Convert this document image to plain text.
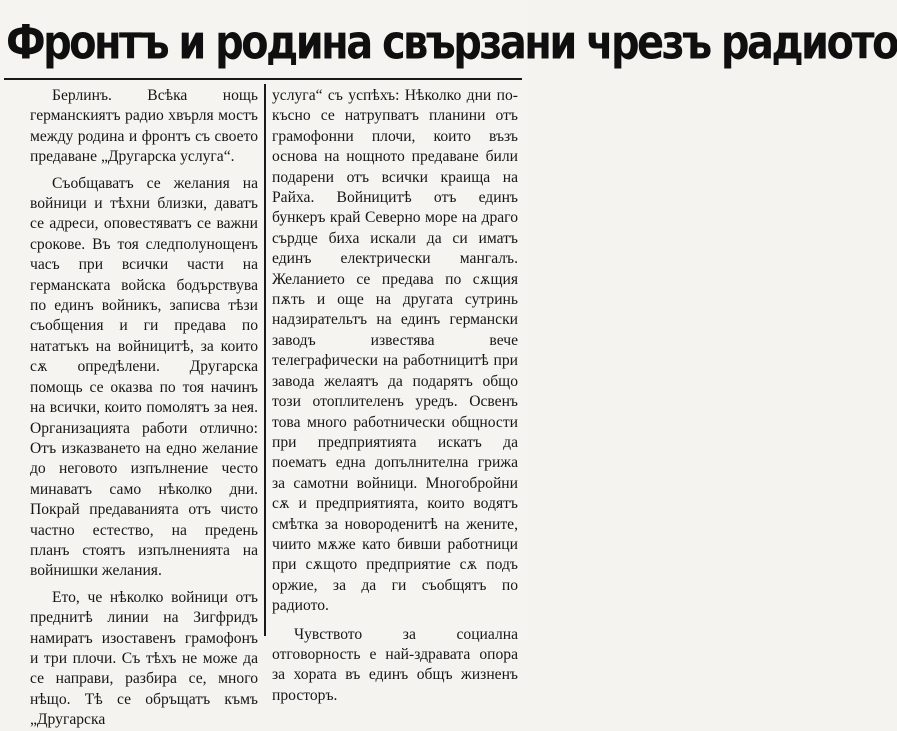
Фронтъ и родина свързани чрезъ радиото

Берлинъ. Всѣка нощь германскиятъ радио хвърля мостъ между родина и фронтъ съ своето предаване „Другарска услуга“.

Съобщаватъ се желания на войници и тѣхни близки, даватъ се адреси, оповестяватъ се важни срокове. Въ тоя следполунощенъ часъ при всички части на германската войска бодърствува по единъ войникъ, записва тѣзи съобщения и ги предава по нататъкъ на войницитѣ, за които сѫ опредѣлени. Другарска помощь се оказва по тоя начинъ на всички, които помолятъ за нея. Организацията работи отлично: Отъ изказването на едно желание до неговото изпълнение често минаватъ само нѣколко дни. Покрай предаванията отъ чисто частно естество, на предень планъ стоятъ изпълненията на войнишки желания.

Ето, че нѣколко войници отъ преднитѣ линии на Зигфридъ намиратъ изоставенъ грамофонъ и три плочи. Съ тѣхъ не може да се направи, разбира се, много нѣщо. Тѣ се обръщатъ къмъ „Другарска

услуга“ съ успѣхъ: Нѣколко дни по-късно се натрупватъ планини отъ грамофонни плочи, които възъ основа на нощното предаване били подарени отъ всички краища на Райха. Войницитѣ отъ единъ бункеръ край Северно море на драго сърдце биха искали да си иматъ единъ електрически мангалъ. Желанието се предава по сѫщия пѫть и още на другата сутринь надзирательтъ на единъ германски заводъ известява вече телеграфически на работницитѣ при завода желаятъ да подарятъ общо този отоплителенъ уредъ. Освенъ това много работнически общности при предприятията искатъ да поематъ една допълнителна грижа за самотни войници. Многобройни сѫ и предприятията, които водятъ смѣтка за новороденитѣ на жените, чиито мѫже като бивши работници при сѫщото предприятие сѫ подъ оржие, за да ги съобщятъ по радиото.

Чувството за социална отговорность е най-здравата опора за хората въ единъ общъ жизненъ просторъ.
